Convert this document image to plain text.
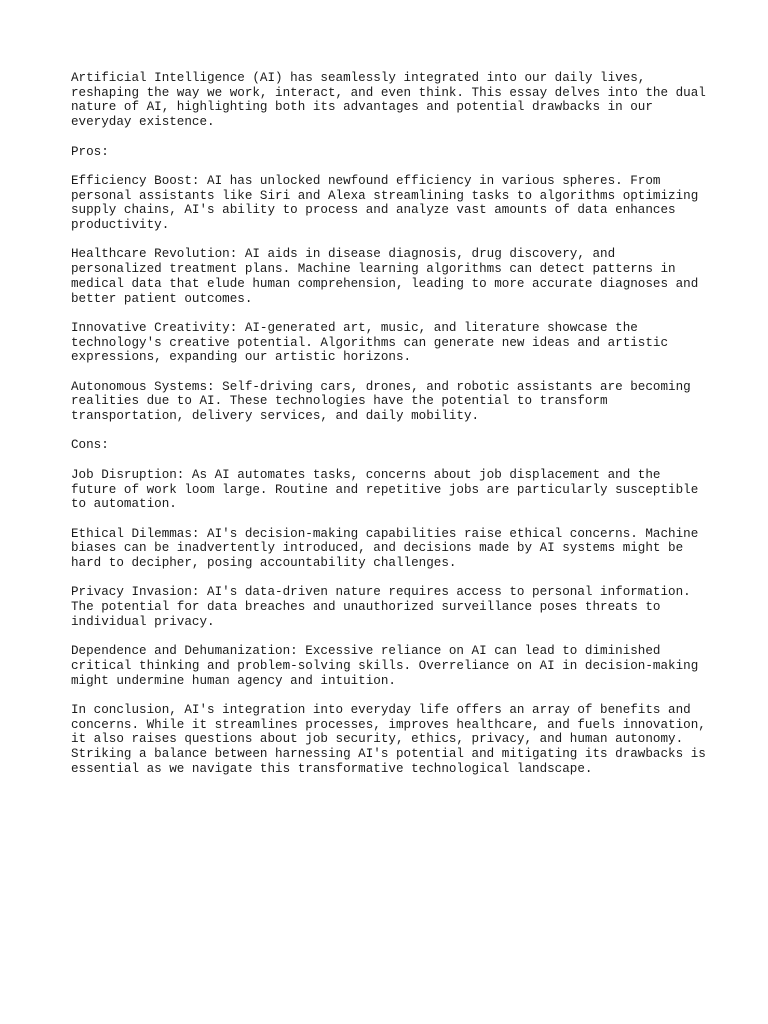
Artificial Intelligence (AI) has seamlessly integrated into our daily lives, reshaping the way we work, interact, and even think. This essay delves into the dual nature of AI, highlighting both its advantages and potential drawbacks in our everyday existence.

Pros:

Efficiency Boost: AI has unlocked newfound efficiency in various spheres. From personal assistants like Siri and Alexa streamlining tasks to algorithms optimizing supply chains, AI's ability to process and analyze vast amounts of data enhances productivity.

Healthcare Revolution: AI aids in disease diagnosis, drug discovery, and personalized treatment plans. Machine learning algorithms can detect patterns in medical data that elude human comprehension, leading to more accurate diagnoses and better patient outcomes.

Innovative Creativity: AI-generated art, music, and literature showcase the technology's creative potential. Algorithms can generate new ideas and artistic expressions, expanding our artistic horizons.

Autonomous Systems: Self-driving cars, drones, and robotic assistants are becoming realities due to AI. These technologies have the potential to transform transportation, delivery services, and daily mobility.

Cons:

Job Disruption: As AI automates tasks, concerns about job displacement and the future of work loom large. Routine and repetitive jobs are particularly susceptible to automation.

Ethical Dilemmas: AI's decision-making capabilities raise ethical concerns. Machine biases can be inadvertently introduced, and decisions made by AI systems might be hard to decipher, posing accountability challenges.

Privacy Invasion: AI's data-driven nature requires access to personal information. The potential for data breaches and unauthorized surveillance poses threats to individual privacy.

Dependence and Dehumanization: Excessive reliance on AI can lead to diminished critical thinking and problem-solving skills. Overreliance on AI in decision-making might undermine human agency and intuition.

In conclusion, AI's integration into everyday life offers an array of benefits and concerns. While it streamlines processes, improves healthcare, and fuels innovation, it also raises questions about job security, ethics, privacy, and human autonomy. Striking a balance between harnessing AI's potential and mitigating its drawbacks is essential as we navigate this transformative technological landscape.
